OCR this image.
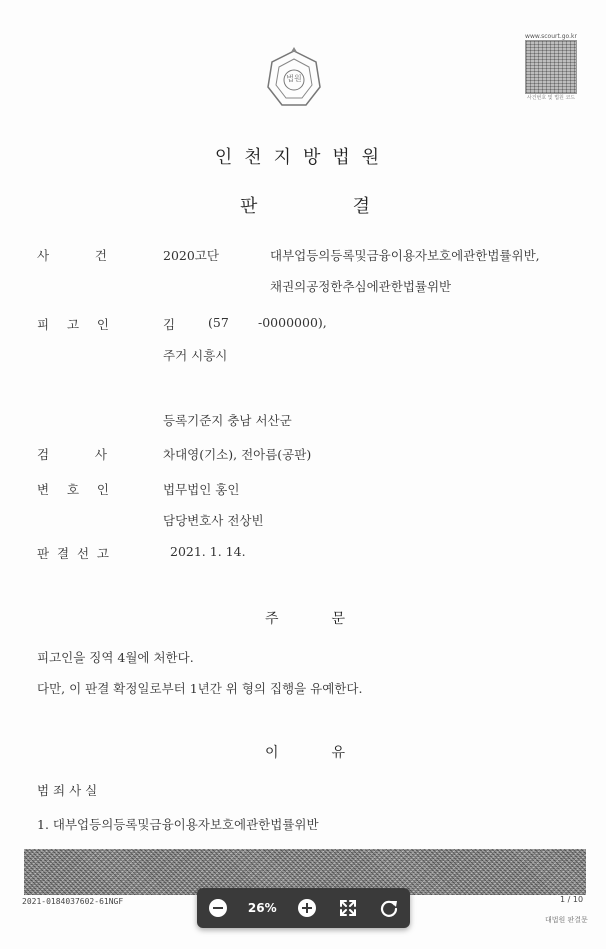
법원
www.scourt.go.kr
사건번호 및 법원 코드
인천지방법원
판	결
사	건	2020고단	대부업등의등록및금융이용자보호에관한법률위반,
채권의공정한추심에관한법률위반
피 고 인	김	(57 -0000000),
주거 시흥시
등록기준지 충남 서산군
검	사	차대영(기소), 전아름(공판)
변 호 인	법무법인 홍인
담당변호사 전상빈
판 결 선 고	2021. 1. 14.
주	문
피고인을 징역 4월에 처한다.
다만, 이 판결 확정일로부터 1년간 위 형의 집행을 유예한다.
이	유
범 죄 사 실
1. 대부업등의등록및금융이용자보호에관한법률위반
2021-0184037602-61NGF	1 / 10
대법원 판결문
26%
